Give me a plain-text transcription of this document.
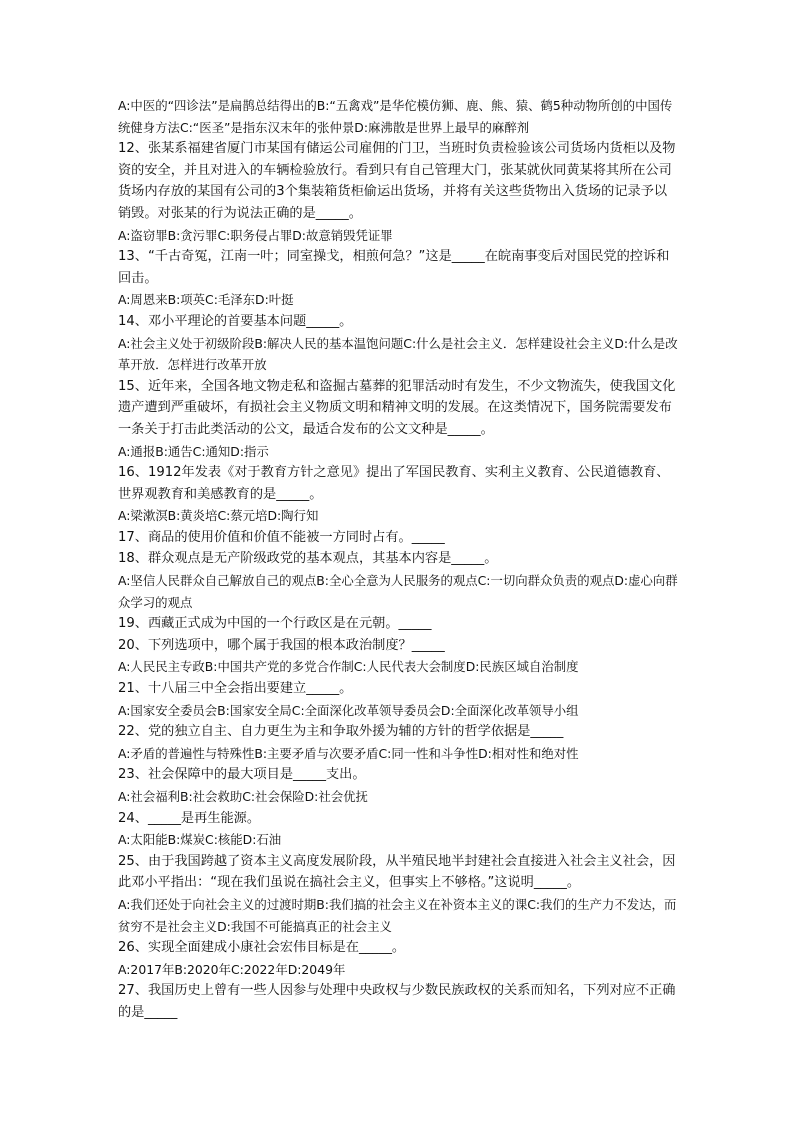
A:中医的“四诊法”是扁鹊总结得出的B:“五禽戏”是华佗模仿狮、鹿、熊、猿、鹤5种动物所创的中国传统健身方法C:“医圣”是指东汉末年的张仲景D:麻沸散是世界上最早的麻醉剂

12、张某系福建省厦门市某国有储运公司雇佣的门卫，当班时负责检验该公司货场内货柜以及物资的安全，并且对进入的车辆检验放行。看到只有自己管理大门，张某就伙同黄某将其所在公司货场内存放的某国有公司的3个集装箱货柜偷运出货场，并将有关这些货物出入货场的记录予以销毁。对张某的行为说法正确的是_____。

A:盗窃罪B:贪污罪C:职务侵占罪D:故意销毁凭证罪

13、“千古奇冤，江南一叶；同室操戈，相煎何急？”这是_____在皖南事变后对国民党的控诉和回击。

A:周恩来B:项英C:毛泽东D:叶挺

14、邓小平理论的首要基本问题_____。

A:社会主义处于初级阶段B:解决人民的基本温饱问题C:什么是社会主义．怎样建设社会主义D:什么是改革开放．怎样进行改革开放

15、近年来，全国各地文物走私和盗掘古墓葬的犯罪活动时有发生，不少文物流失，使我国文化遗产遭到严重破坏，有损社会主义物质文明和精神文明的发展。在这类情况下，国务院需要发布一条关于打击此类活动的公文，最适合发布的公文文种是_____。

A:通报B:通告C:通知D:指示

16、1912年发表《对于教育方针之意见》提出了军国民教育、实利主义教育、公民道德教育、世界观教育和美感教育的是_____。

A:梁漱溟B:黄炎培C:蔡元培D:陶行知

17、商品的使用价值和价值不能被一方同时占有。_____

18、群众观点是无产阶级政党的基本观点，其基本内容是_____。

A:坚信人民群众自己解放自己的观点B:全心全意为人民服务的观点C:一切向群众负责的观点D:虚心向群众学习的观点

19、西藏正式成为中国的一个行政区是在元朝。_____

20、下列选项中，哪个属于我国的根本政治制度？_____

A:人民民主专政B:中国共产党的多党合作制C:人民代表大会制度D:民族区域自治制度

21、十八届三中全会指出要建立_____。

A:国家安全委员会B:国家安全局C:全面深化改革领导委员会D:全面深化改革领导小组

22、党的独立自主、自力更生为主和争取外援为辅的方针的哲学依据是_____

A:矛盾的普遍性与特殊性B:主要矛盾与次要矛盾C:同一性和斗争性D:相对性和绝对性

23、社会保障中的最大项目是_____支出。

A:社会福利B:社会救助C:社会保险D:社会优抚

24、_____是再生能源。

A:太阳能B:煤炭C:核能D:石油

25、由于我国跨越了资本主义高度发展阶段，从半殖民地半封建社会直接进入社会主义社会，因此邓小平指出：“现在我们虽说在搞社会主义，但事实上不够格。”这说明_____。

A:我们还处于向社会主义的过渡时期B:我们搞的社会主义在补资本主义的课C:我们的生产力不发达，而贫穷不是社会主义D:我国不可能搞真正的社会主义

26、实现全面建成小康社会宏伟目标是在_____。

A:2017年B:2020年C:2022年D:2049年

27、我国历史上曾有一些人因参与处理中央政权与少数民族政权的关系而知名，下列对应不正确的是_____
